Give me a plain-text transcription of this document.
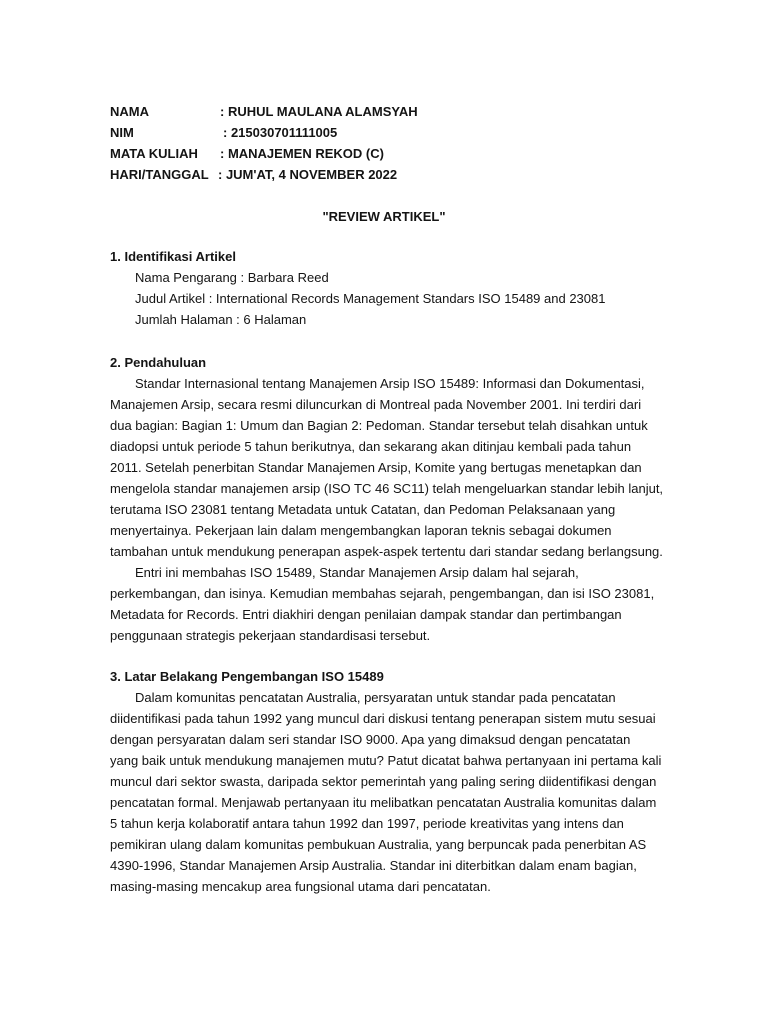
NAMA	: RUHUL MAULANA ALAMSYAH
NIM	: 215030701111005
MATA KULIAH : MANAJEMEN REKOD (C)
HARI/TANGGAL : JUM'AT, 4 NOVEMBER 2022
"REVIEW ARTIKEL"
1. Identifikasi Artikel
Nama Pengarang : Barbara Reed
Judul Artikel : International Records Management Standars ISO 15489 and 23081
Jumlah Halaman : 6 Halaman
2. Pendahuluan
Standar Internasional tentang Manajemen Arsip ISO 15489: Informasi dan Dokumentasi,
Manajemen Arsip, secara resmi diluncurkan di Montreal pada November 2001. Ini terdiri dari
dua bagian: Bagian 1: Umum dan Bagian 2: Pedoman. Standar tersebut telah disahkan untuk
diadopsi untuk periode 5 tahun berikutnya, dan sekarang akan ditinjau kembali pada tahun
2011. Setelah penerbitan Standar Manajemen Arsip, Komite yang bertugas menetapkan dan
mengelola standar manajemen arsip (ISO TC 46 SC11) telah mengeluarkan standar lebih lanjut,
terutama ISO 23081 tentang Metadata untuk Catatan, dan Pedoman Pelaksanaan yang
menyertainya. Pekerjaan lain dalam mengembangkan laporan teknis sebagai dokumen
tambahan untuk mendukung penerapan aspek-aspek tertentu dari standar sedang berlangsung.
Entri ini membahas ISO 15489, Standar Manajemen Arsip dalam hal sejarah,
perkembangan, dan isinya. Kemudian membahas sejarah, pengembangan, dan isi ISO 23081,
Metadata for Records. Entri diakhiri dengan penilaian dampak standar dan pertimbangan
penggunaan strategis pekerjaan standardisasi tersebut.
3. Latar Belakang Pengembangan ISO 15489
Dalam komunitas pencatatan Australia, persyaratan untuk standar pada pencatatan
diidentifikasi pada tahun 1992 yang muncul dari diskusi tentang penerapan sistem mutu sesuai
dengan persyaratan dalam seri standar ISO 9000. Apa yang dimaksud dengan pencatatan
yang baik untuk mendukung manajemen mutu? Patut dicatat bahwa pertanyaan ini pertama kali
muncul dari sektor swasta, daripada sektor pemerintah yang paling sering diidentifikasi dengan
pencatatan formal. Menjawab pertanyaan itu melibatkan pencatatan Australia komunitas dalam
5 tahun kerja kolaboratif antara tahun 1992 dan 1997, periode kreativitas yang intens dan
pemikiran ulang dalam komunitas pembukuan Australia, yang berpuncak pada penerbitan AS
4390-1996, Standar Manajemen Arsip Australia. Standar ini diterbitkan dalam enam bagian,
masing-masing mencakup area fungsional utama dari pencatatan.
